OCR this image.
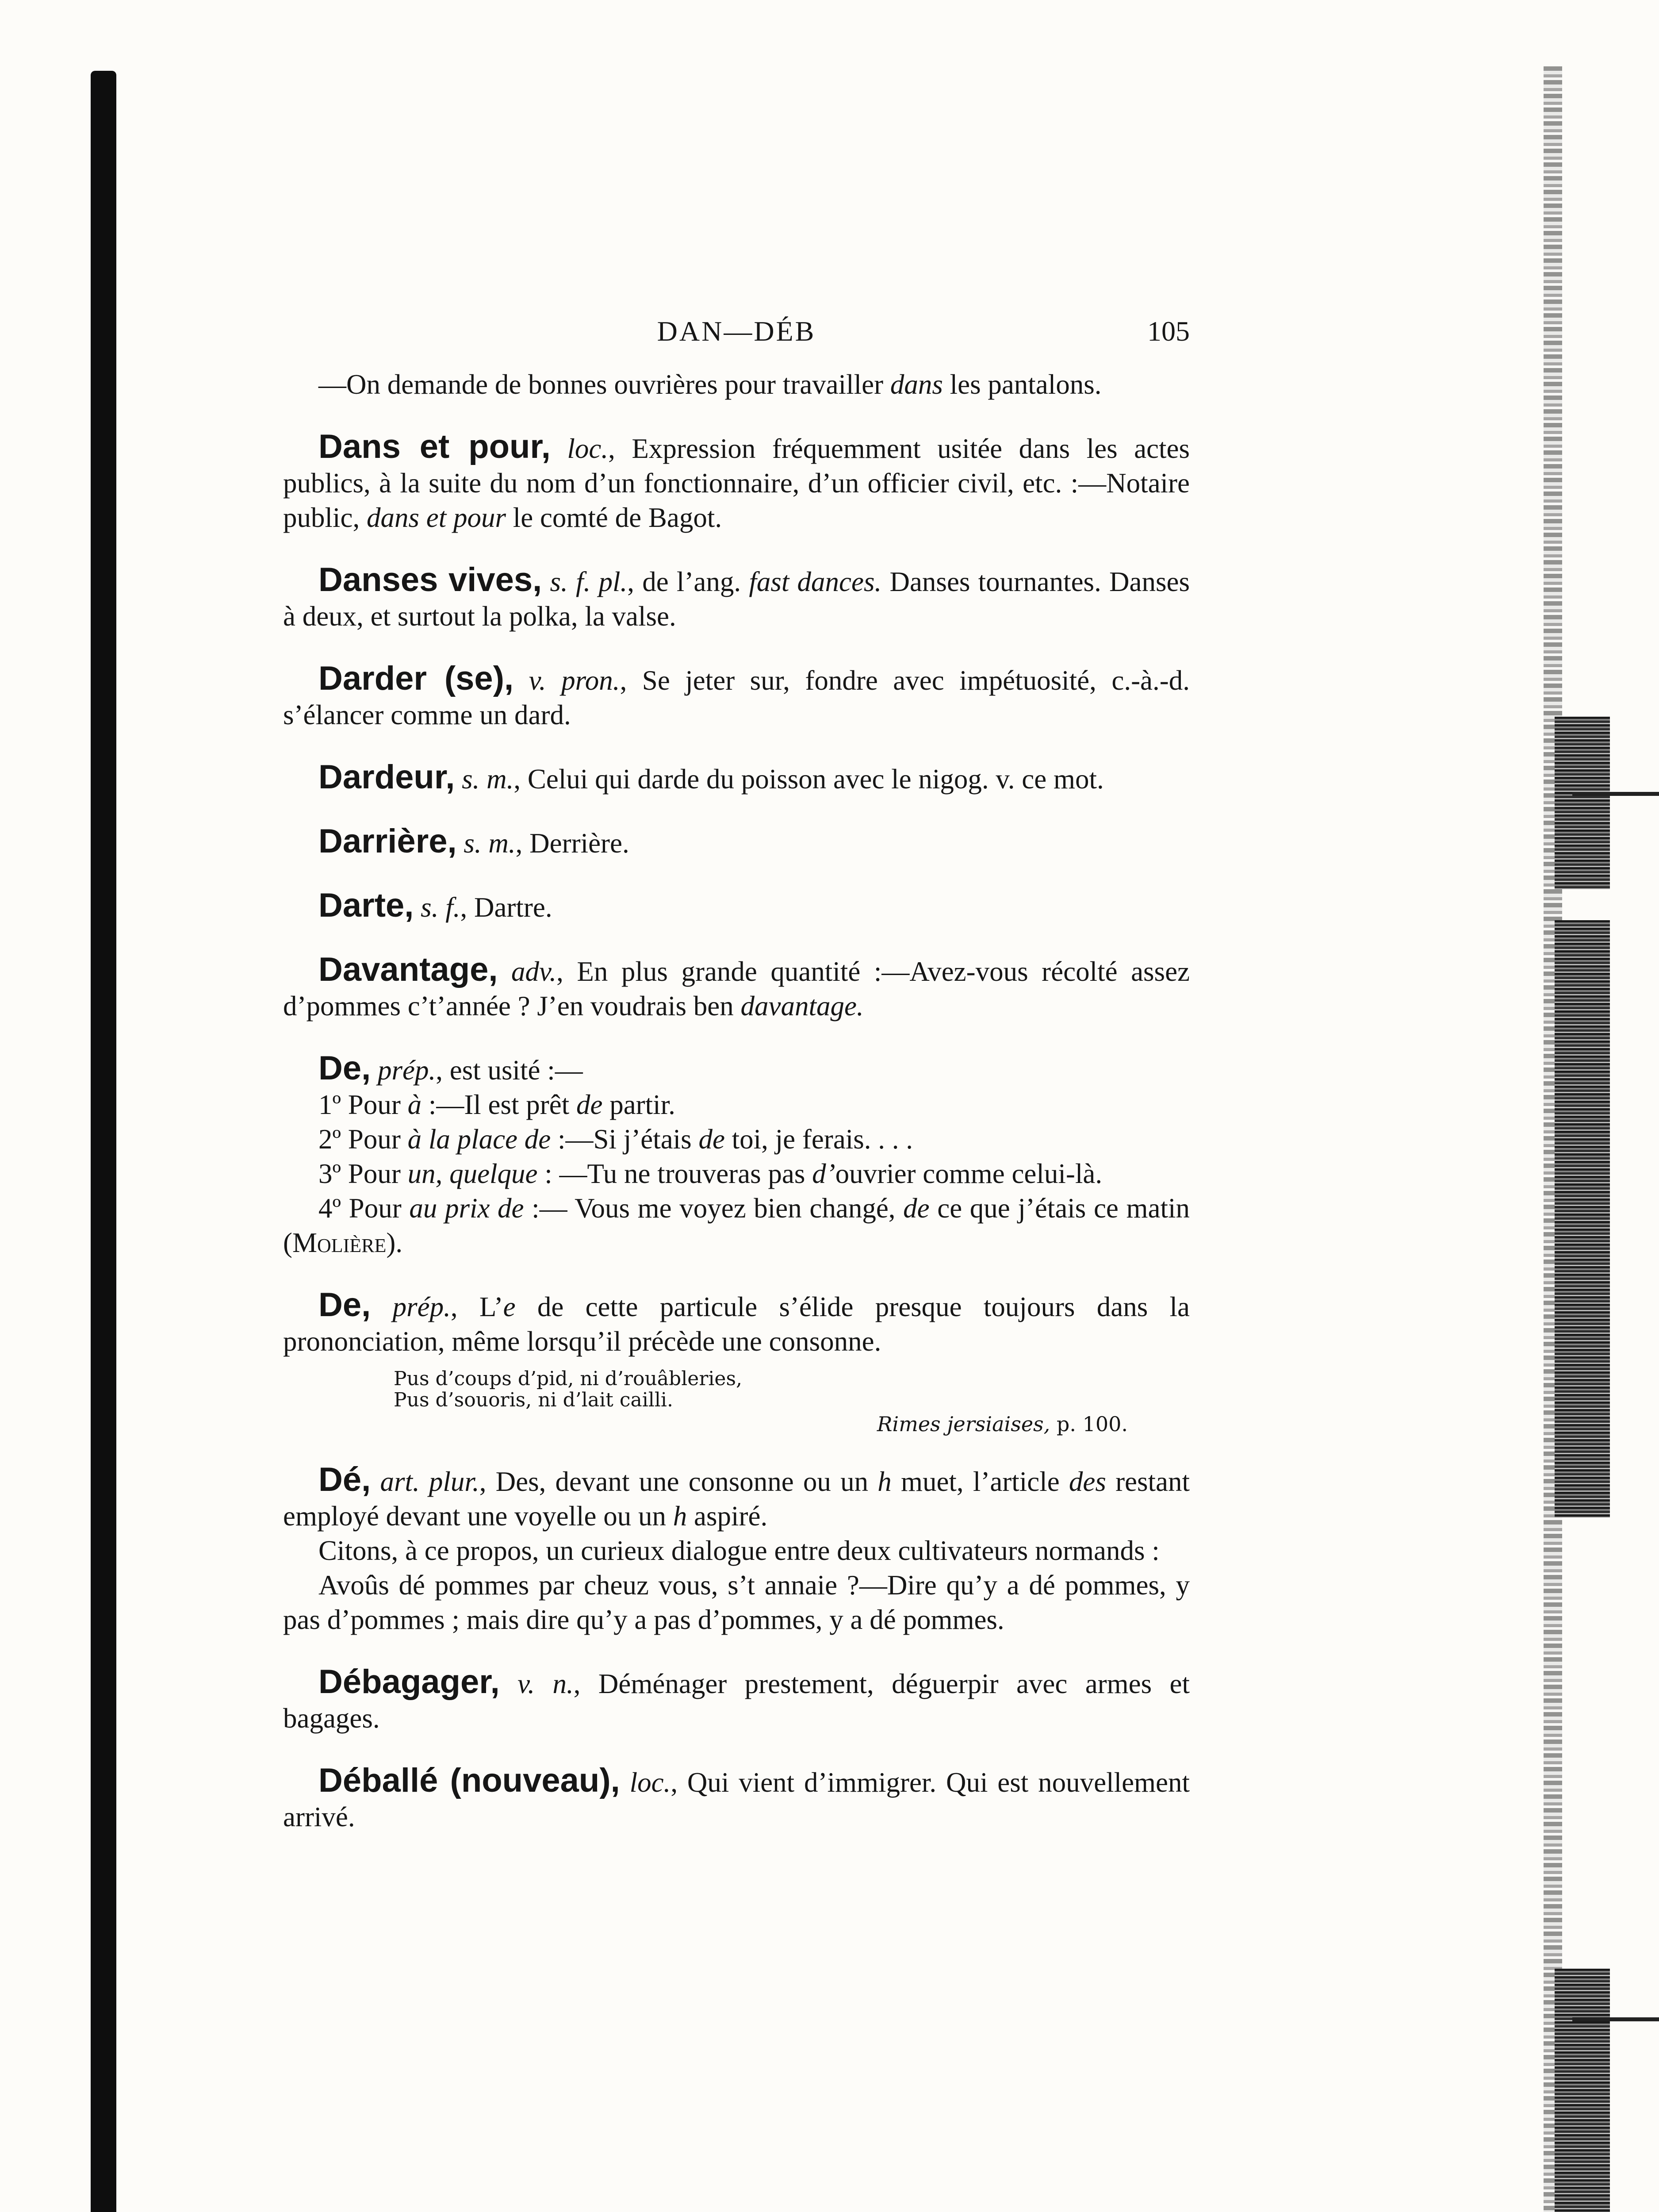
DAN—DÉB	105

—On demande de bonnes ouvrières pour travailler dans les pantalons.

Dans et pour, loc., Expression fréquemment usitée dans les actes publics, à la suite du nom d’un fonctionnaire, d’un officier civil, etc. :—Notaire public, dans et pour le comté de Bagot.

Danses vives, s. f. pl., de l’ang. fast dances. Danses tournantes. Danses à deux, et surtout la polka, la valse.

Darder (se), v. pron., Se jeter sur, fondre avec impétuosité, c.-à.-d. s’élancer comme un dard.

Dardeur, s. m., Celui qui darde du poisson avec le nigog. v. ce mot.

Darrière, s. m., Derrière.

Darte, s. f., Dartre.

Davantage, adv., En plus grande quantité :—Avez-vous récolté assez d’pommes c’t’année ? J’en voudrais ben davantage.

De, prép., est usité :—

1º Pour à :—Il est prêt de partir.

2º Pour à la place de :—Si j’étais de toi, je ferais. . . .

3º Pour un, quelque : —Tu ne trouveras pas d’ouvrier comme celui-là.

4º Pour au prix de :— Vous me voyez bien changé, de ce que j’étais ce matin (Molière).

De, prép., L’e de cette particule s’élide presque toujours dans la prononciation, même lorsqu’il précède une consonne.

Pus d’coups d’pid, ni d’rouâbleries,
Pus d’souoris, ni d’lait cailli.
Rimes jersiaises, p. 100.

Dé, art. plur., Des, devant une consonne ou un h muet, l’article des restant employé devant une voyelle ou un h aspiré.

Citons, à ce propos, un curieux dialogue entre deux cultivateurs normands :

Avoûs dé pommes par cheuz vous, s’t annaie ?—Dire qu’y a dé pommes, y pas d’pommes ; mais dire qu’y a pas d’pommes, y a dé pommes.

Débagager, v. n., Déménager prestement, déguerpir avec armes et bagages.

Déballé (nouveau), loc., Qui vient d’immigrer. Qui est nouvellement arrivé.
